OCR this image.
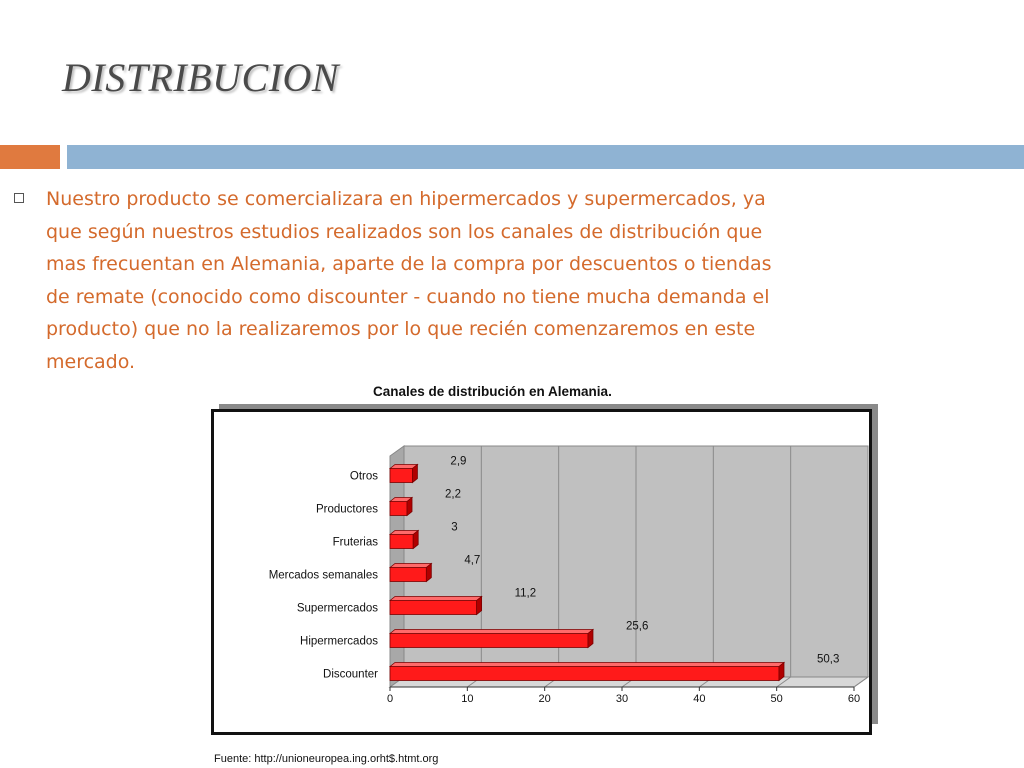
DISTRIBUCION
Nuestro producto se comercializara en hipermercados y supermercados, ya que según nuestros estudios realizados son los canales de distribución que mas frecuentan en Alemania, aparte de la compra por descuentos o tiendas de remate (conocido como discounter - cuando no tiene mucha demanda el producto) que no la realizaremos por lo que recién comenzaremos en este mercado.
Canales de distribución en Alemania.
0	10	20	30	40	50	60
Otros
2,9
Productores
2,2
Fruterias
3
Mercados semanales
4,7
Supermercados
11,2
Hipermercados
25,6
Discounter
50,3
Fuente: http://unioneuropea.ing.orht$.htmt.org
